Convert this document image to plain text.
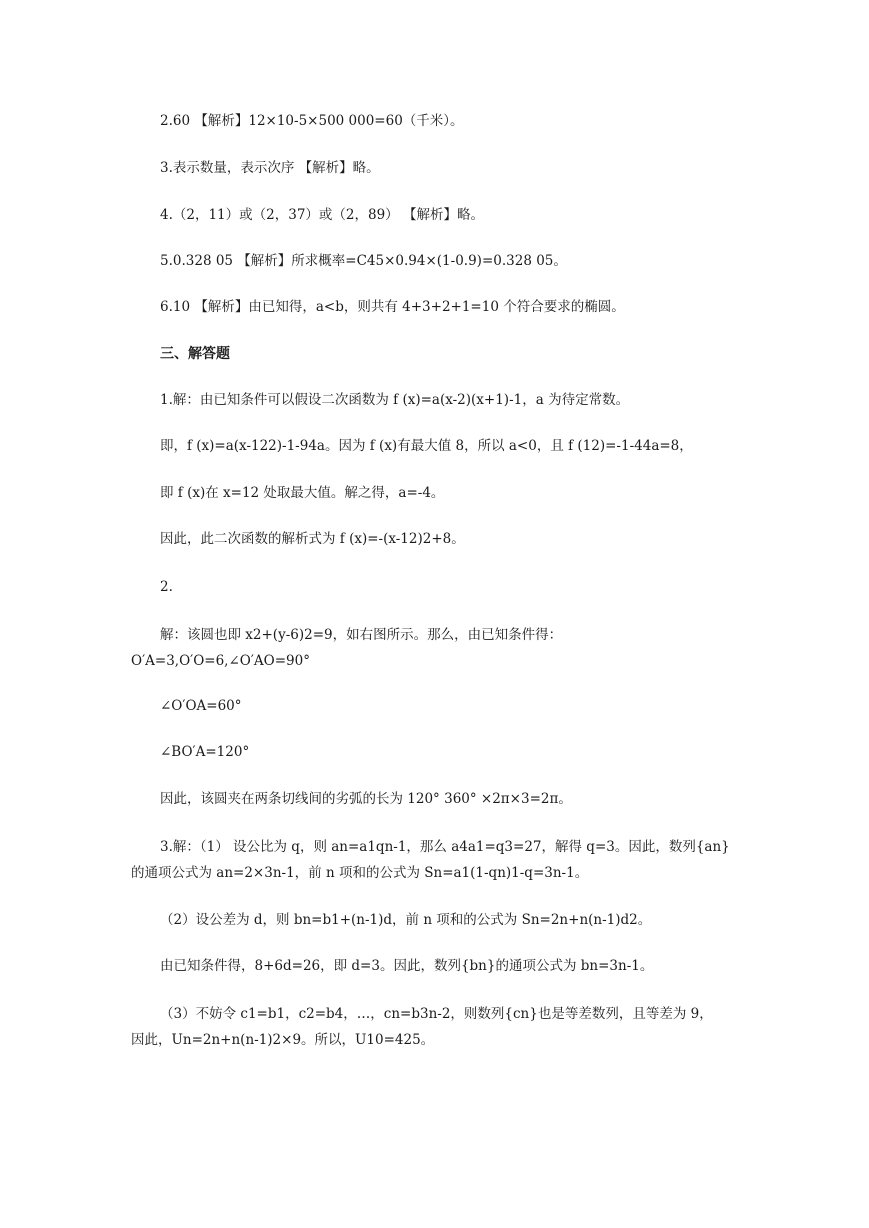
2.60 【解析】12×10-5×500 000=60（千米）。
3.表示数量，表示次序 【解析】略。
4.（2，11）或（2，37）或（2，89） 【解析】略。
5.0.328 05 【解析】所求概率=C45×0.94×(1-0.9)=0.328 05。
6.10 【解析】由已知得，a<b，则共有 4+3+2+1=10 个符合要求的椭圆。
三、解答题
1.解：由已知条件可以假设二次函数为 f (x)=a(x-2)(x+1)-1，a 为待定常数。
即，f (x)=a(x-122)-1-94a。因为 f (x)有最大值 8，所以 a<0，且 f (12)=-1-44a=8，
即 f (x)在 x=12 处取最大值。解之得，a=-4。
因此，此二次函数的解析式为 f (x)=-(x-12)2+8。
2.
解：该圆也即 x2+(y-6)2=9，如右图所示。那么，由已知条件得：
O′A=3,O′O=6,∠O′AO=90°
∠O′OA=60°
∠BO′A=120°
因此，该圆夹在两条切线间的劣弧的长为 120° 360° ×2π×3=2π。
3.解：（1） 设公比为 q，则 an=a1qn-1，那么 a4a1=q3=27，解得 q=3。因此，数列{an}
的通项公式为 an=2×3n-1，前 n 项和的公式为 Sn=a1(1-qn)1-q=3n-1。
（2）设公差为 d，则 bn=b1+(n-1)d，前 n 项和的公式为 Sn=2n+n(n-1)d2。
由已知条件得，8+6d=26，即 d=3。因此，数列{bn}的通项公式为 bn=3n-1。
（3）不妨令 c1=b1，c2=b4，…，cn=b3n-2，则数列{cn}也是等差数列，且等差为 9，
因此，Un=2n+n(n-1)2×9。所以，U10=425。
